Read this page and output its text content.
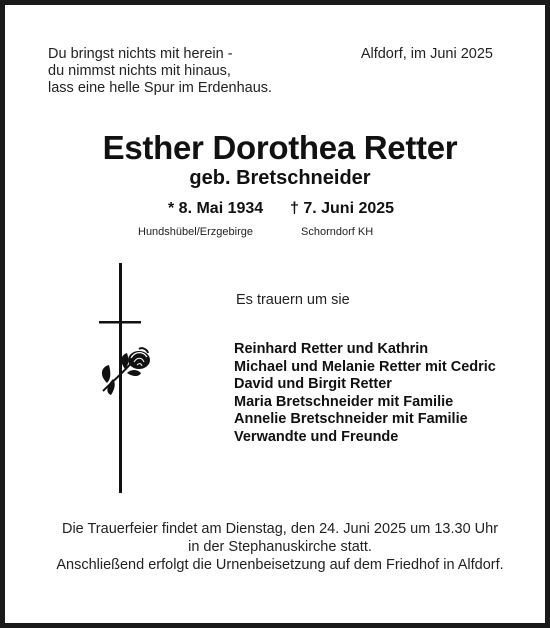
Du bringst nichts mit herein -
du nimmst nichts mit hinaus,
lass eine helle Spur im Erdenhaus.
Alfdorf, im Juni 2025
Esther Dorothea Retter
geb. Bretschneider
* 8. Mai 1934 † 7. Juni 2025
Hundshübel/Erzgebirge	Schorndorf KH
Es trauern um sie
Reinhard Retter und Kathrin
Michael und Melanie Retter mit Cedric
David und Birgit Retter
Maria Bretschneider mit Familie
Annelie Bretschneider mit Familie
Verwandte und Freunde
Die Trauerfeier findet am Dienstag, den 24. Juni 2025 um 13.30 Uhr
in der Stephanuskirche statt.
Anschließend erfolgt die Urnenbeisetzung auf dem Friedhof in Alfdorf.
